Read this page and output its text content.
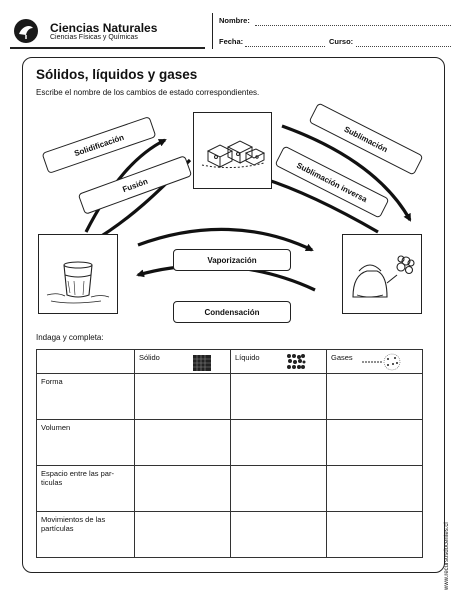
Ciencias Naturales
Ciencias Físicas y Químicas
Nombre:
Fecha:	Curso:
Sólidos, líquidos y gases
Escribe el nombre de los cambios de estado correspondientes.
Solidificación
Fusión
Sublimación
Sublimación inversa
Vaporización
Condensación
Indaga y completa:
	Sólido	Líquido	Gases

Forma			
Volumen			
Espacio entre las par-
ticulas			
Movimientos de las
partículas				www.recursosdocentes.cl
